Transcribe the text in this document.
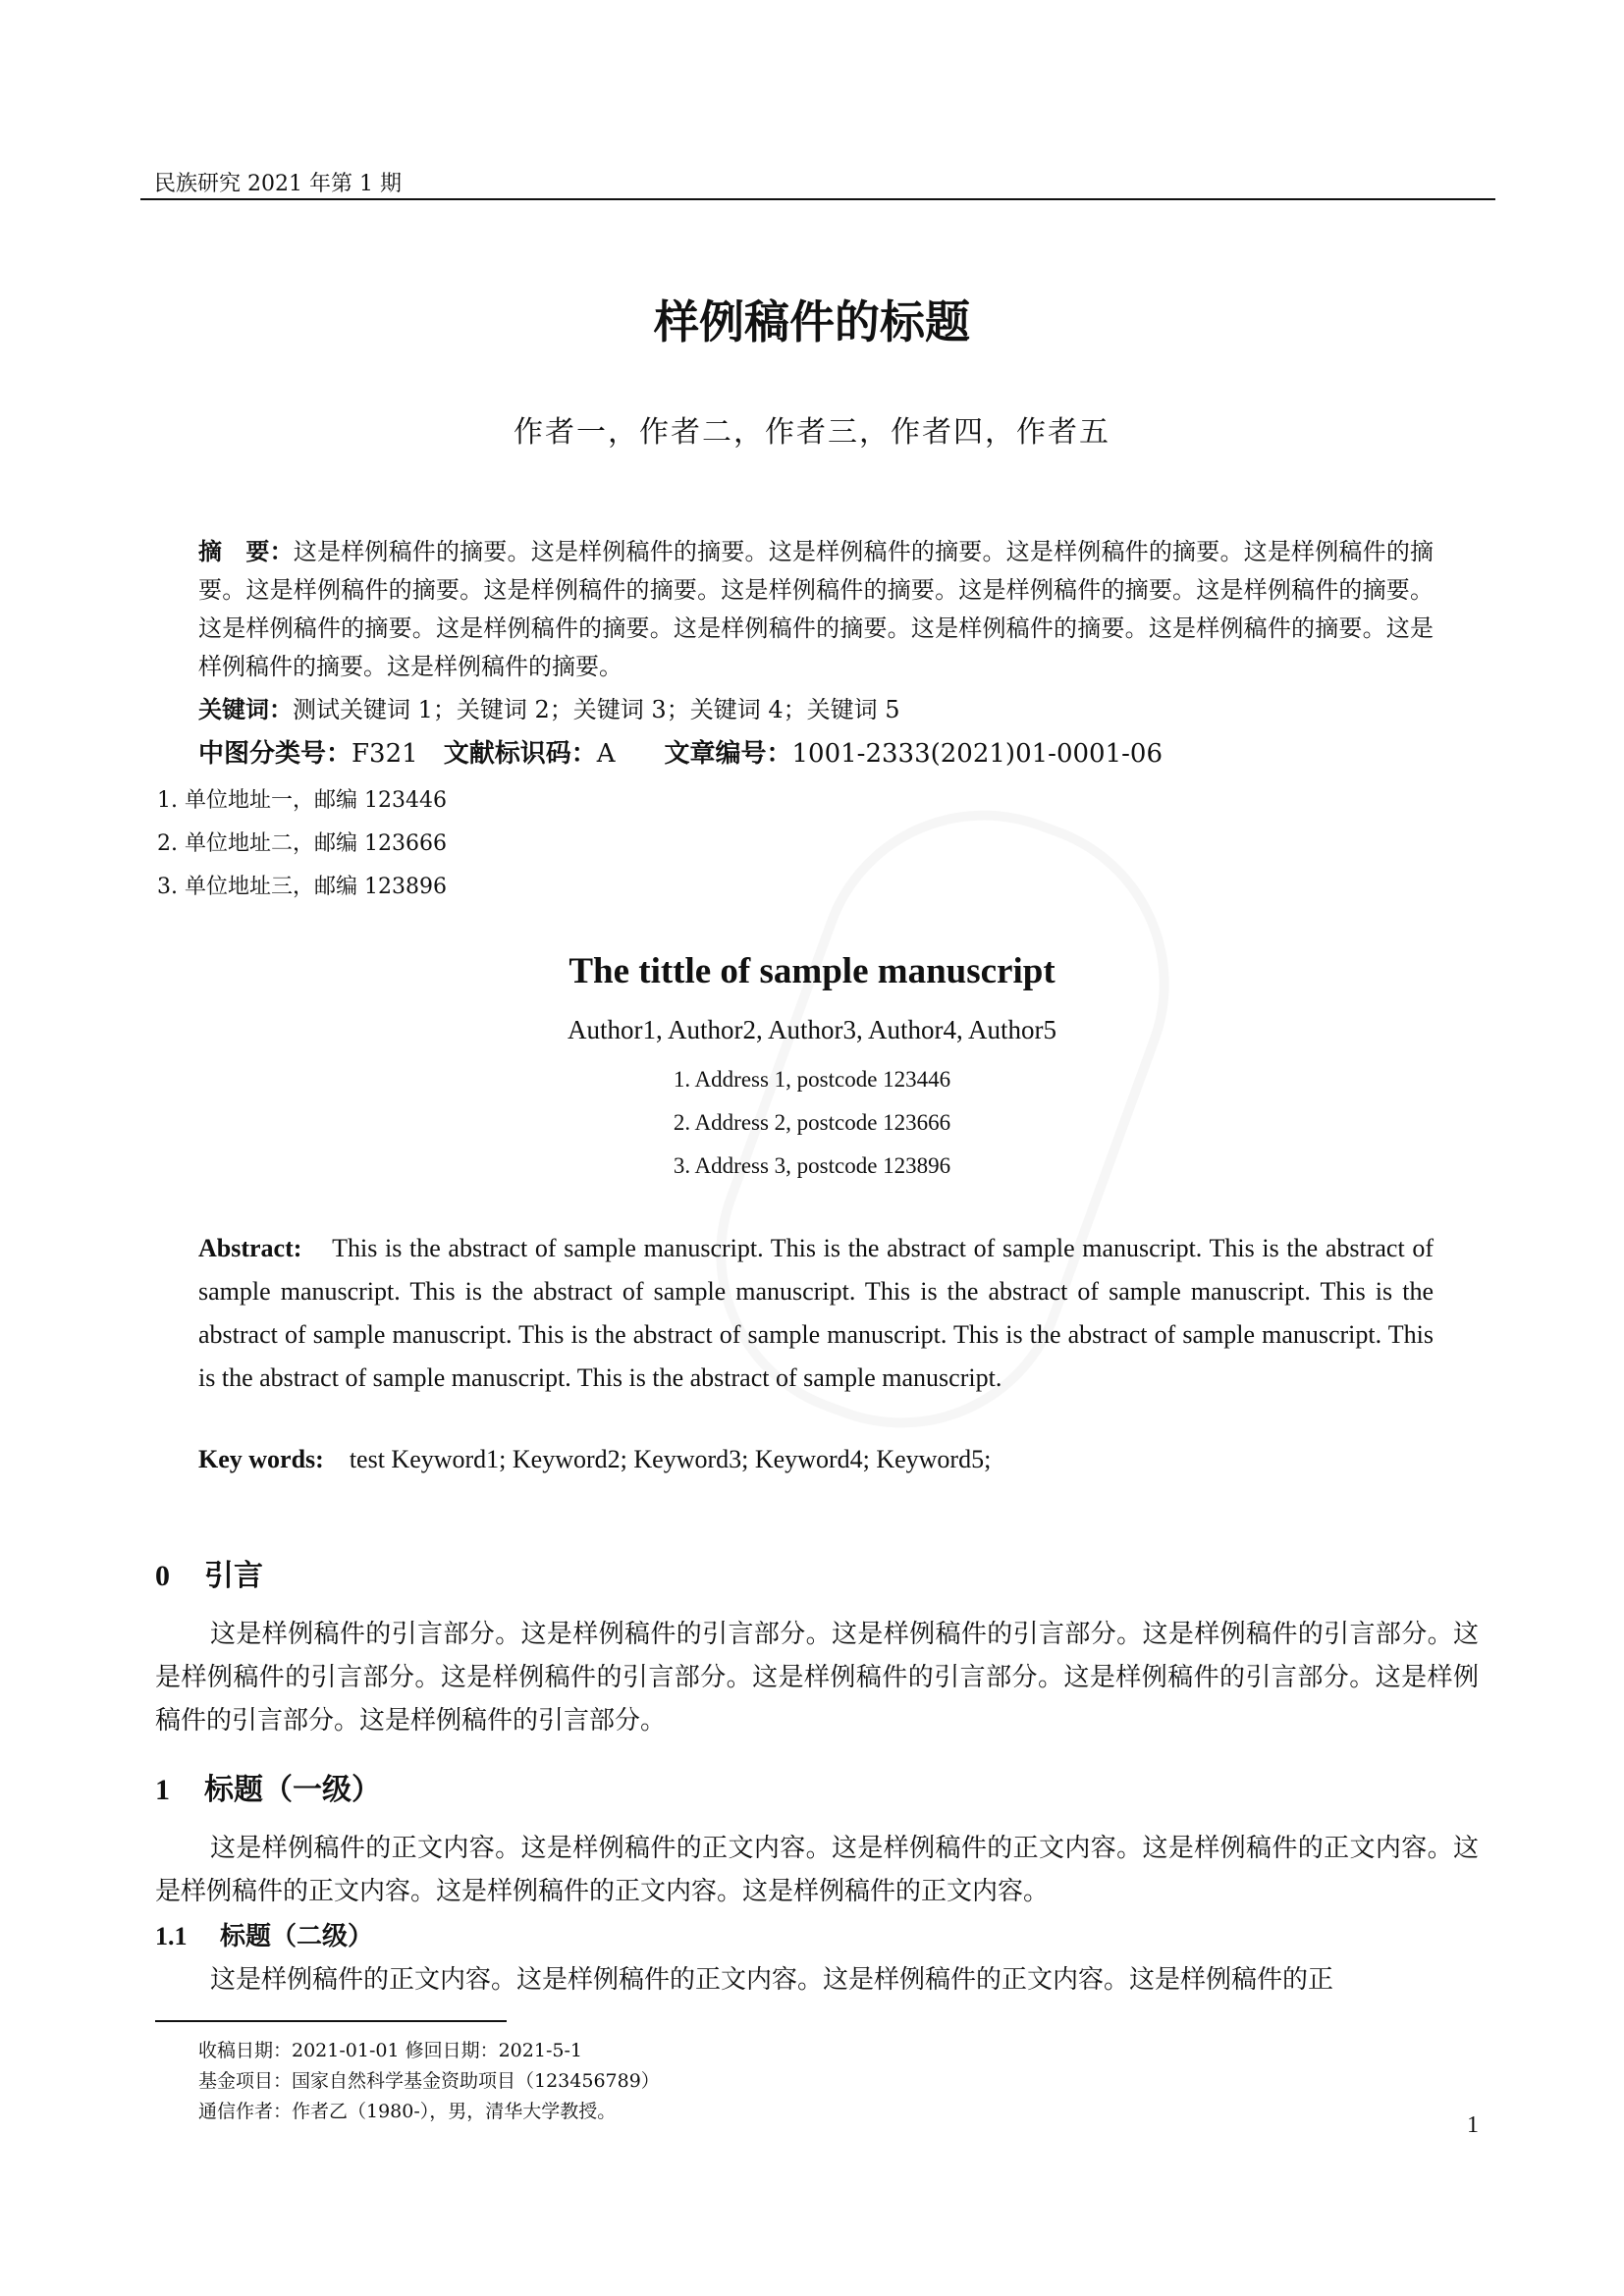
民族研究 2021 年第 1 期
样例稿件的标题
作者一，作者二，作者三，作者四，作者五
摘　要：这是样例稿件的摘要。这是样例稿件的摘要。这是样例稿件的摘要。这是样例稿件的摘要。这是样例稿件的摘要。这是样例稿件的摘要。这是样例稿件的摘要。这是样例稿件的摘要。这是样例稿件的摘要。这是样例稿件的摘要。这是样例稿件的摘要。这是样例稿件的摘要。这是样例稿件的摘要。这是样例稿件的摘要。这是样例稿件的摘要。这是样例稿件的摘要。这是样例稿件的摘要。
关键词：测试关键词 1；关键词 2；关键词 3；关键词 4；关键词 5
中图分类号：F321 文献标识码：A 文章编号：1001-2333(2021)01-0001-06
1. 单位地址一，邮编 123446
2. 单位地址二，邮编 123666
3. 单位地址三，邮编 123896
The tittle of sample manuscript
Author1, Author2, Author3, Author4, Author5
1. Address 1, postcode 123446
2. Address 2, postcode 123666
3. Address 3, postcode 123896
Abstract: This is the abstract of sample manuscript. This is the abstract of sample manuscript. This is the abstract of sample manuscript. This is the abstract of sample manuscript. This is the abstract of sample manuscript. This is the abstract of sample manuscript. This is the abstract of sample manuscript. This is the abstract of sample manuscript. This is the abstract of sample manuscript. This is the abstract of sample manuscript.
Key words: test Keyword1; Keyword2; Keyword3; Keyword4; Keyword5;
0 引言
这是样例稿件的引言部分。这是样例稿件的引言部分。这是样例稿件的引言部分。这是样例稿件的引言部分。这是样例稿件的引言部分。这是样例稿件的引言部分。这是样例稿件的引言部分。这是样例稿件的引言部分。这是样例稿件的引言部分。这是样例稿件的引言部分。
1 标题（一级）
这是样例稿件的正文内容。这是样例稿件的正文内容。这是样例稿件的正文内容。这是样例稿件的正文内容。这是样例稿件的正文内容。这是样例稿件的正文内容。这是样例稿件的正文内容。
1.1 标题（二级）
这是样例稿件的正文内容。这是样例稿件的正文内容。这是样例稿件的正文内容。这是样例稿件的正
收稿日期：2021-01-01 修回日期：2021-5-1
基金项目：国家自然科学基金资助项目（123456789）
通信作者：作者乙（1980-），男，清华大学教授。
1
